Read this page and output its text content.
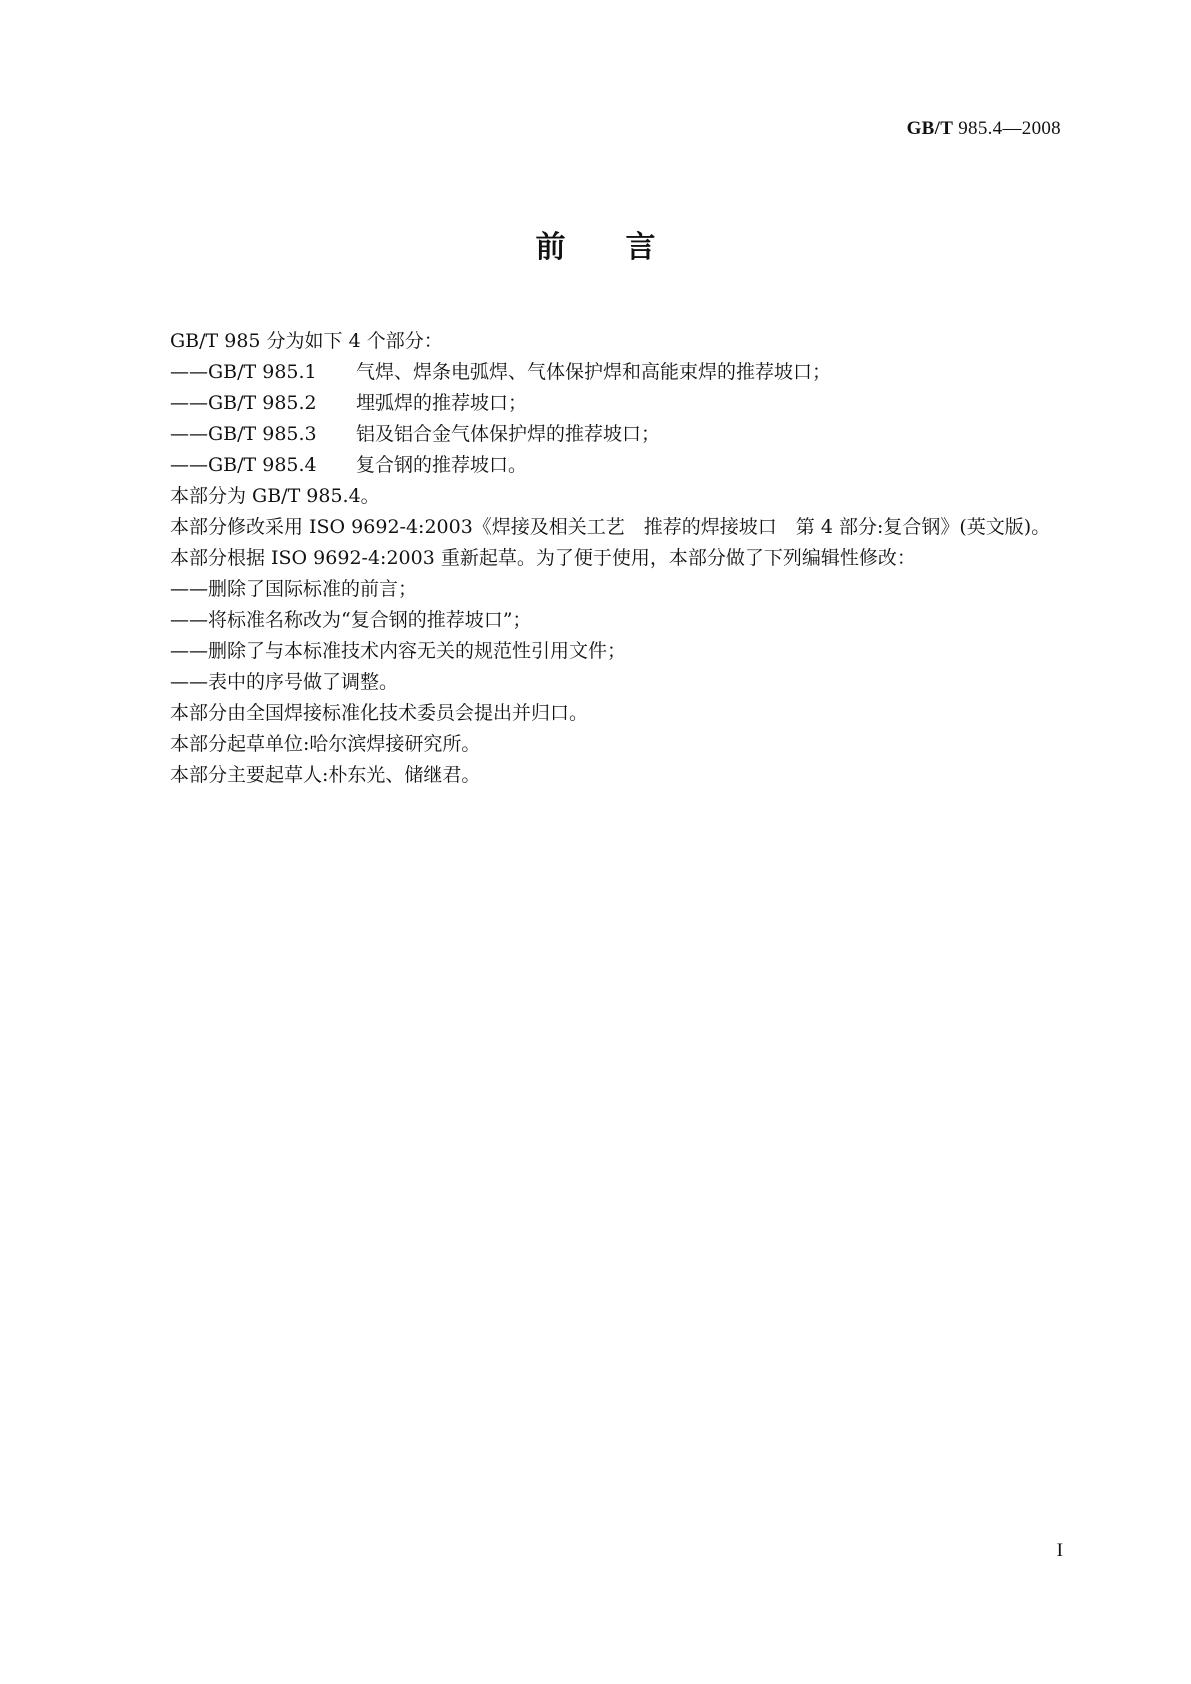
GB/T 985.4—2008
前言

GB/T 985 分为如下 4 个部分：

——GB/T 985.1 气焊、焊条电弧焊、气体保护焊和高能束焊的推荐坡口；

——GB/T 985.2 埋弧焊的推荐坡口；

——GB/T 985.3 铝及铝合金气体保护焊的推荐坡口；

——GB/T 985.4 复合钢的推荐坡口。

本部分为 GB/T 985.4。

本部分修改采用 ISO 9692-4:2003《焊接及相关工艺　推荐的焊接坡口　第 4 部分:复合钢》(英文版)。

本部分根据 ISO 9692-4:2003 重新起草。为了便于使用，本部分做了下列编辑性修改：

——删除了国际标准的前言；

——将标准名称改为“复合钢的推荐坡口”；

——删除了与本标准技术内容无关的规范性引用文件；

——表中的序号做了调整。

本部分由全国焊接标准化技术委员会提出并归口。

本部分起草单位:哈尔滨焊接研究所。

本部分主要起草人:朴东光、储继君。

I
